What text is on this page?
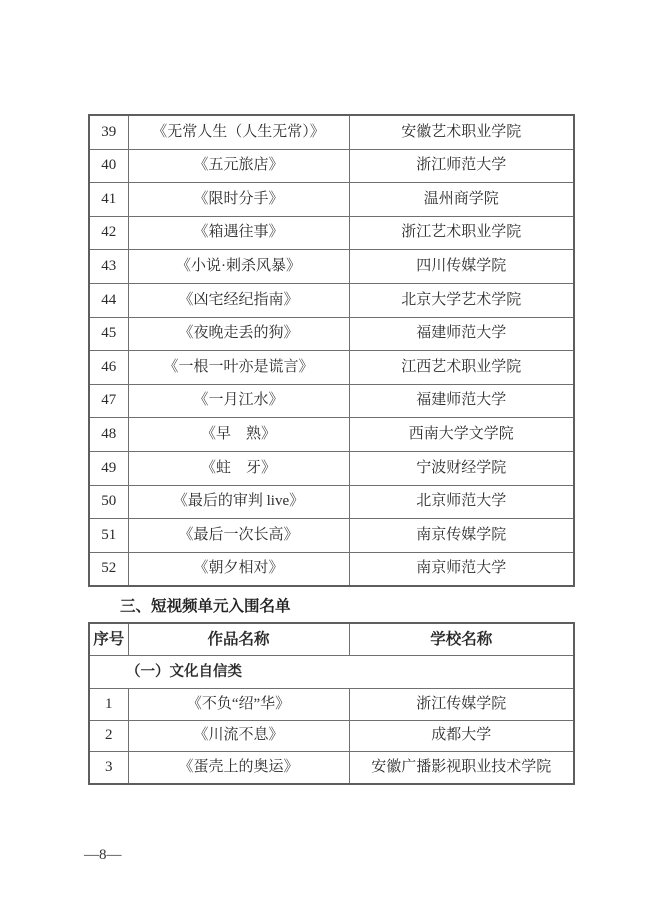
39	《无常人生（人生无常）》	安徽艺术职业学院
40	《五元旅店》	浙江师范大学
41	《限时分手》	温州商学院
42	《箱遇往事》	浙江艺术职业学院
43	《小说·刺杀风暴》	四川传媒学院
44	《凶宅经纪指南》	北京大学艺术学院
45	《夜晚走丢的狗》	福建师范大学
46	《一根一叶亦是谎言》	江西艺术职业学院
47	《一月江水》	福建师范大学
48	《早　熟》	西南大学文学院
49	《蛀　牙》	宁波财经学院
50	《最后的审判 live》	北京师范大学
51	《最后一次长高》	南京传媒学院
52	《朝夕相对》	南京师范大学
三、短视频单元入围名单
序号	作品名称	学校名称
（一）文化自信类		
1	《不负“绍”华》	浙江传媒学院
2	《川流不息》	成都大学
3	《蛋壳上的奥运》	安徽广播影视职业技术学院
—8—
